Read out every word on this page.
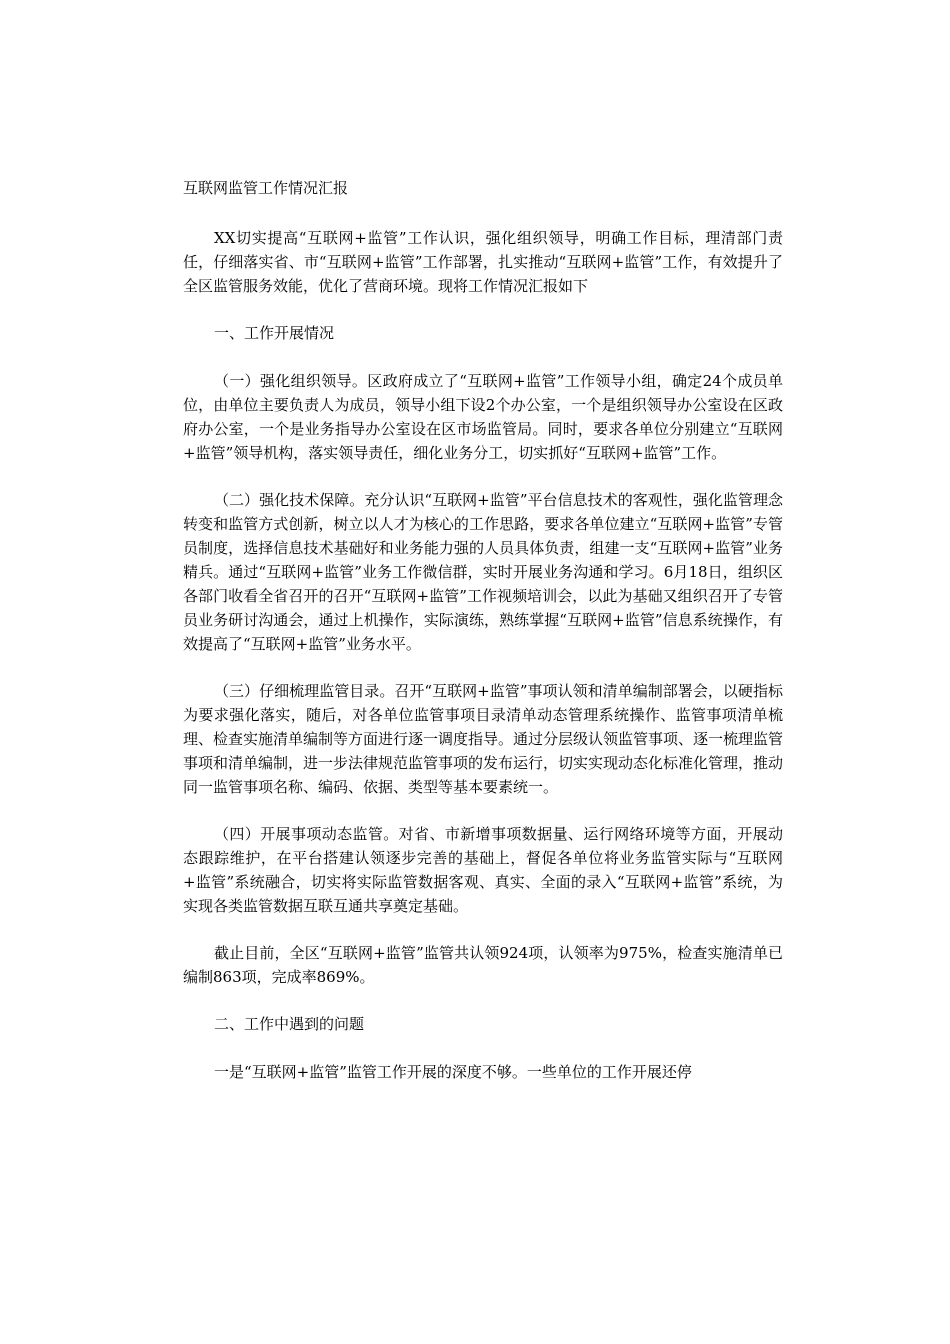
互联网监管工作情况汇报

XX切实提高“互联网+监管”工作认识，强化组织领导，明确工作目标，理清部门责任，仔细落实省、市“互联网+监管”工作部署，扎实推动“互联网+监管”工作，有效提升了全区监管服务效能，优化了营商环境。现将工作情况汇报如下

一、工作开展情况

（一）强化组织领导。区政府成立了“互联网+监管”工作领导小组，确定24个成员单位，由单位主要负责人为成员，领导小组下设2个办公室，一个是组织领导办公室设在区政府办公室，一个是业务指导办公室设在区市场监管局。同时，要求各单位分别建立“互联网+监管”领导机构，落实领导责任，细化业务分工，切实抓好“互联网+监管”工作。

（二）强化技术保障。充分认识“互联网+监管”平台信息技术的客观性，强化监管理念转变和监管方式创新，树立以人才为核心的工作思路，要求各单位建立“互联网+监管”专管员制度，选择信息技术基础好和业务能力强的人员具体负责，组建一支“互联网+监管”业务精兵。通过“互联网+监管”业务工作微信群，实时开展业务沟通和学习。6月18日，组织区各部门收看全省召开的召开“互联网+监管”工作视频培训会，以此为基础又组织召开了专管员业务研讨沟通会，通过上机操作，实际演练，熟练掌握“互联网+监管”信息系统操作，有效提高了“互联网+监管”业务水平。

（三）仔细梳理监管目录。召开“互联网+监管”事项认领和清单编制部署会，以硬指标为要求强化落实，随后，对各单位监管事项目录清单动态管理系统操作、监管事项清单梳理、检查实施清单编制等方面进行逐一调度指导。通过分层级认领监管事项、逐一梳理监管事项和清单编制，进一步法律规范监管事项的发布运行，切实实现动态化标准化管理，推动同一监管事项名称、编码、依据、类型等基本要素统一。

（四）开展事项动态监管。对省、市新增事项数据量、运行网络环境等方面，开展动态跟踪维护，在平台搭建认领逐步完善的基础上，督促各单位将业务监管实际与“互联网+监管”系统融合，切实将实际监管数据客观、真实、全面的录入“互联网+监管”系统，为实现各类监管数据互联互通共享奠定基础。

截止目前，全区“互联网+监管”监管共认领924项，认领率为975%，检查实施清单已编制863项，完成率869%。

二、工作中遇到的问题

一是“互联网+监管”监管工作开展的深度不够。一些单位的工作开展还停
